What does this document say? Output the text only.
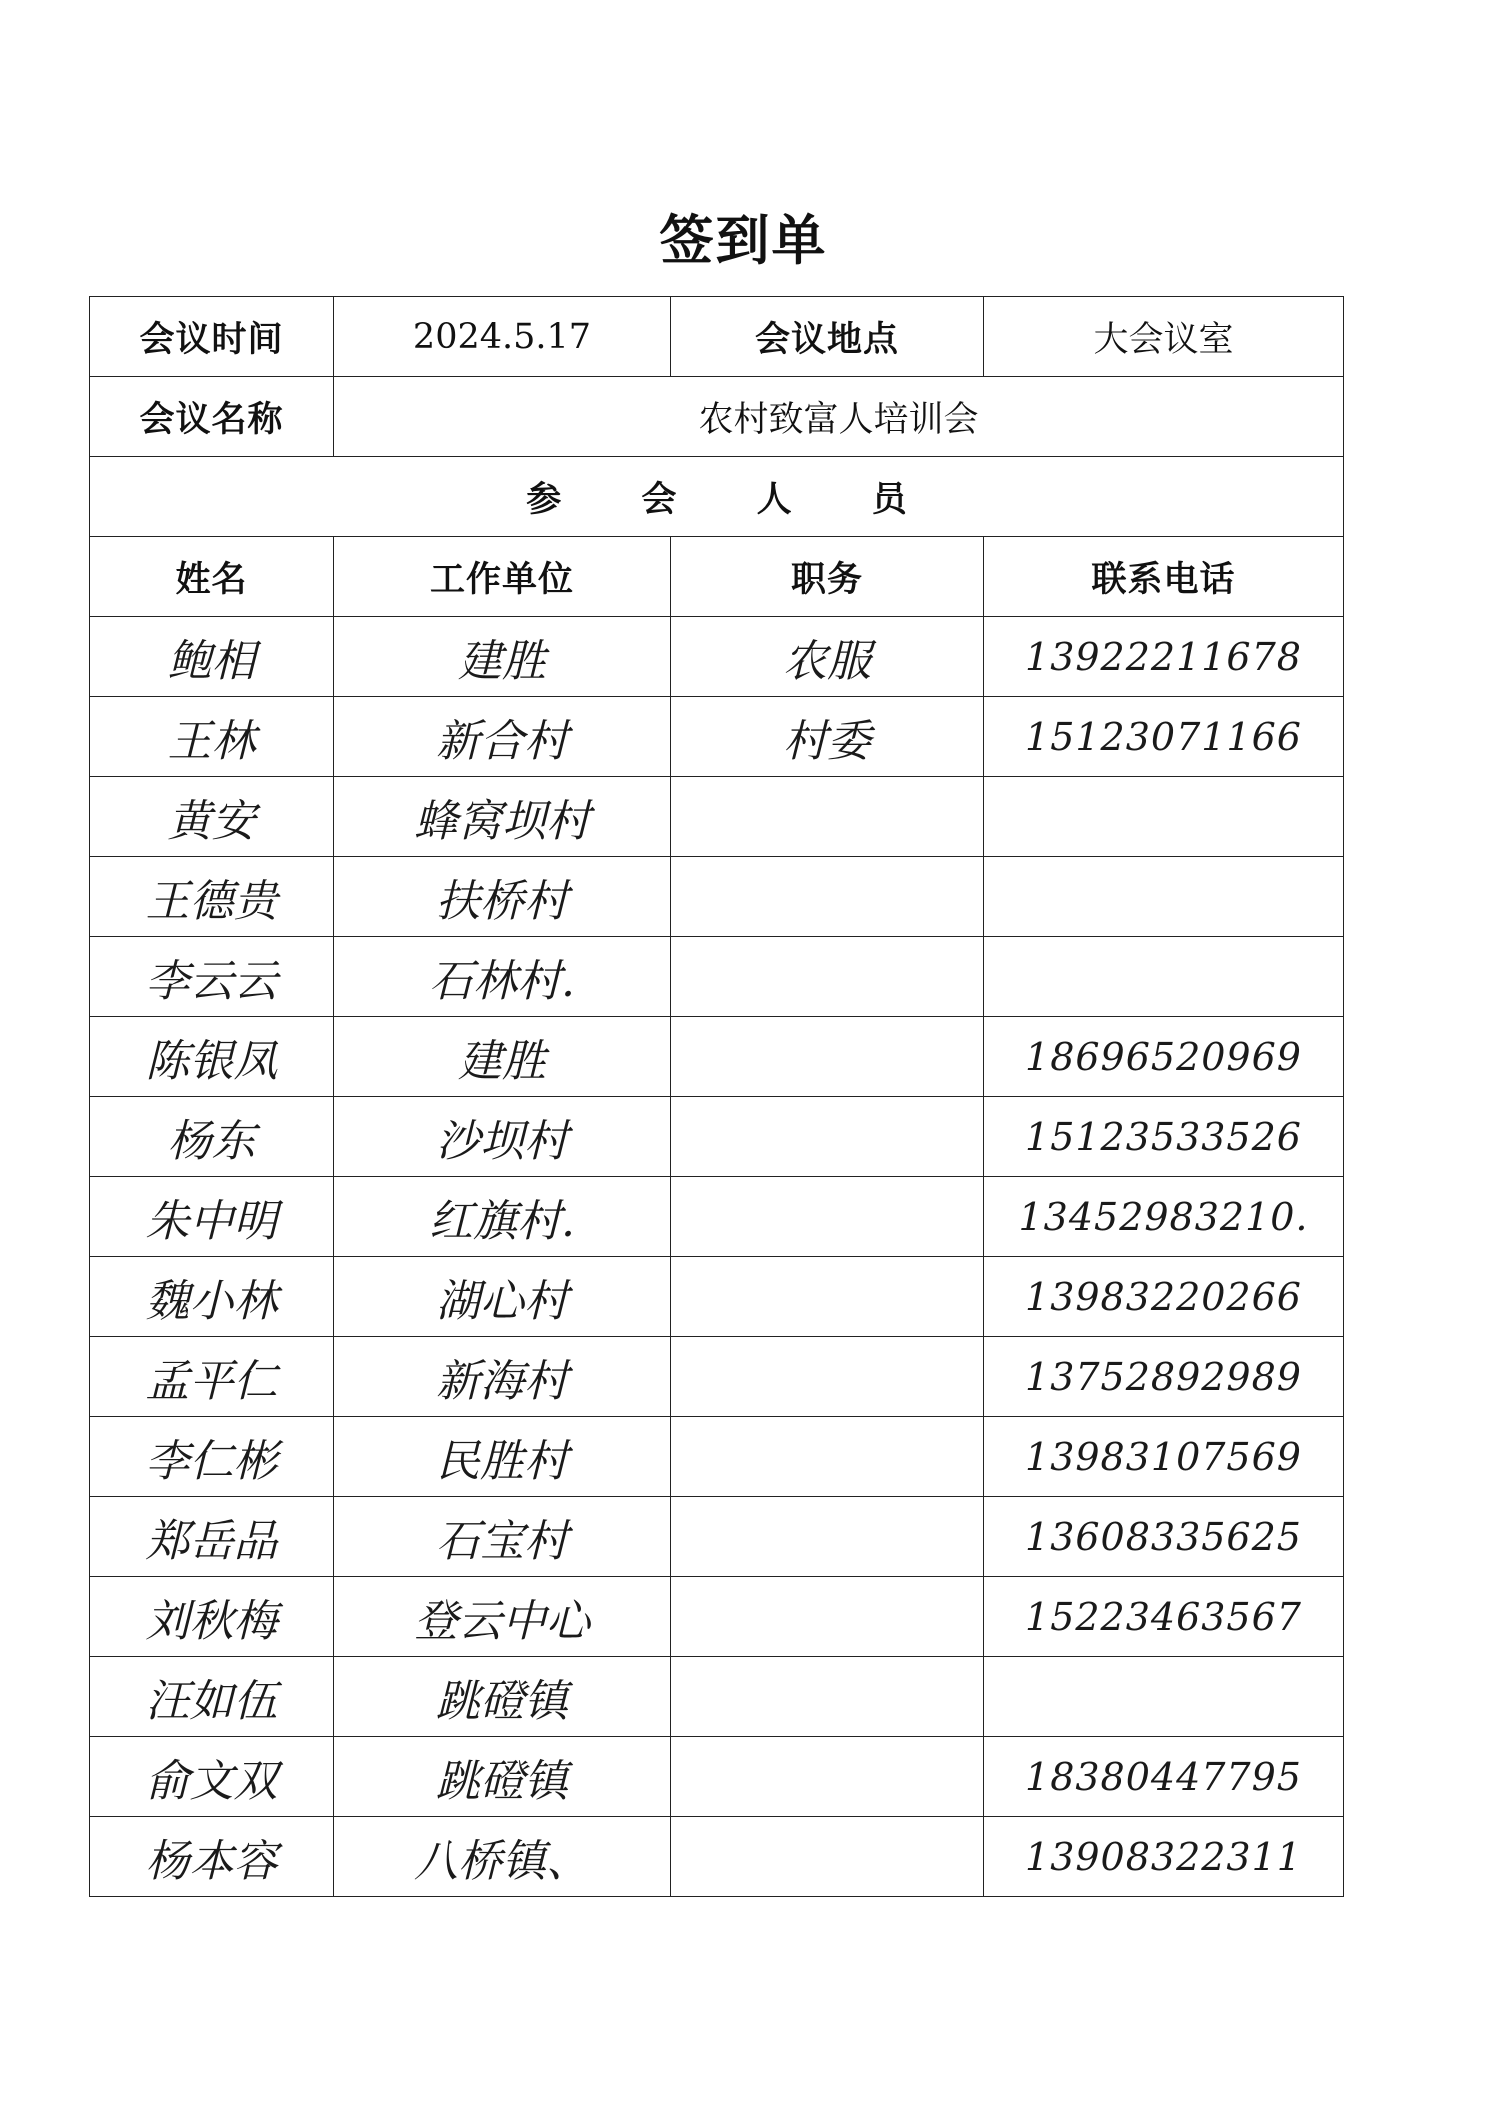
签到单
会议时间	2024.5.17	会议地点	大会议室
会议名称	农村致富人培训会		
参 会 人 员			
姓名	工作单位	职务	联系电话
鲍相	建胜	农服	13922211678
王林	新合村	村委	15123071166
黄安	蜂窝坝村		
王德贵	扶桥村		
李云云	石林村.		
陈银凤	建胜		18696520969
杨东	沙坝村		15123533526
朱中明	红旗村.		13452983210.
魏小林	湖心村		13983220266
孟平仁	新海村		13752892989
李仁彬	民胜村		13983107569
郑岳品	石宝村		13608335625
刘秋梅	登云中心		15223463567
汪如伍	跳磴镇		
俞文双	跳磴镇		18380447795
杨本容	八桥镇、		13908322311
